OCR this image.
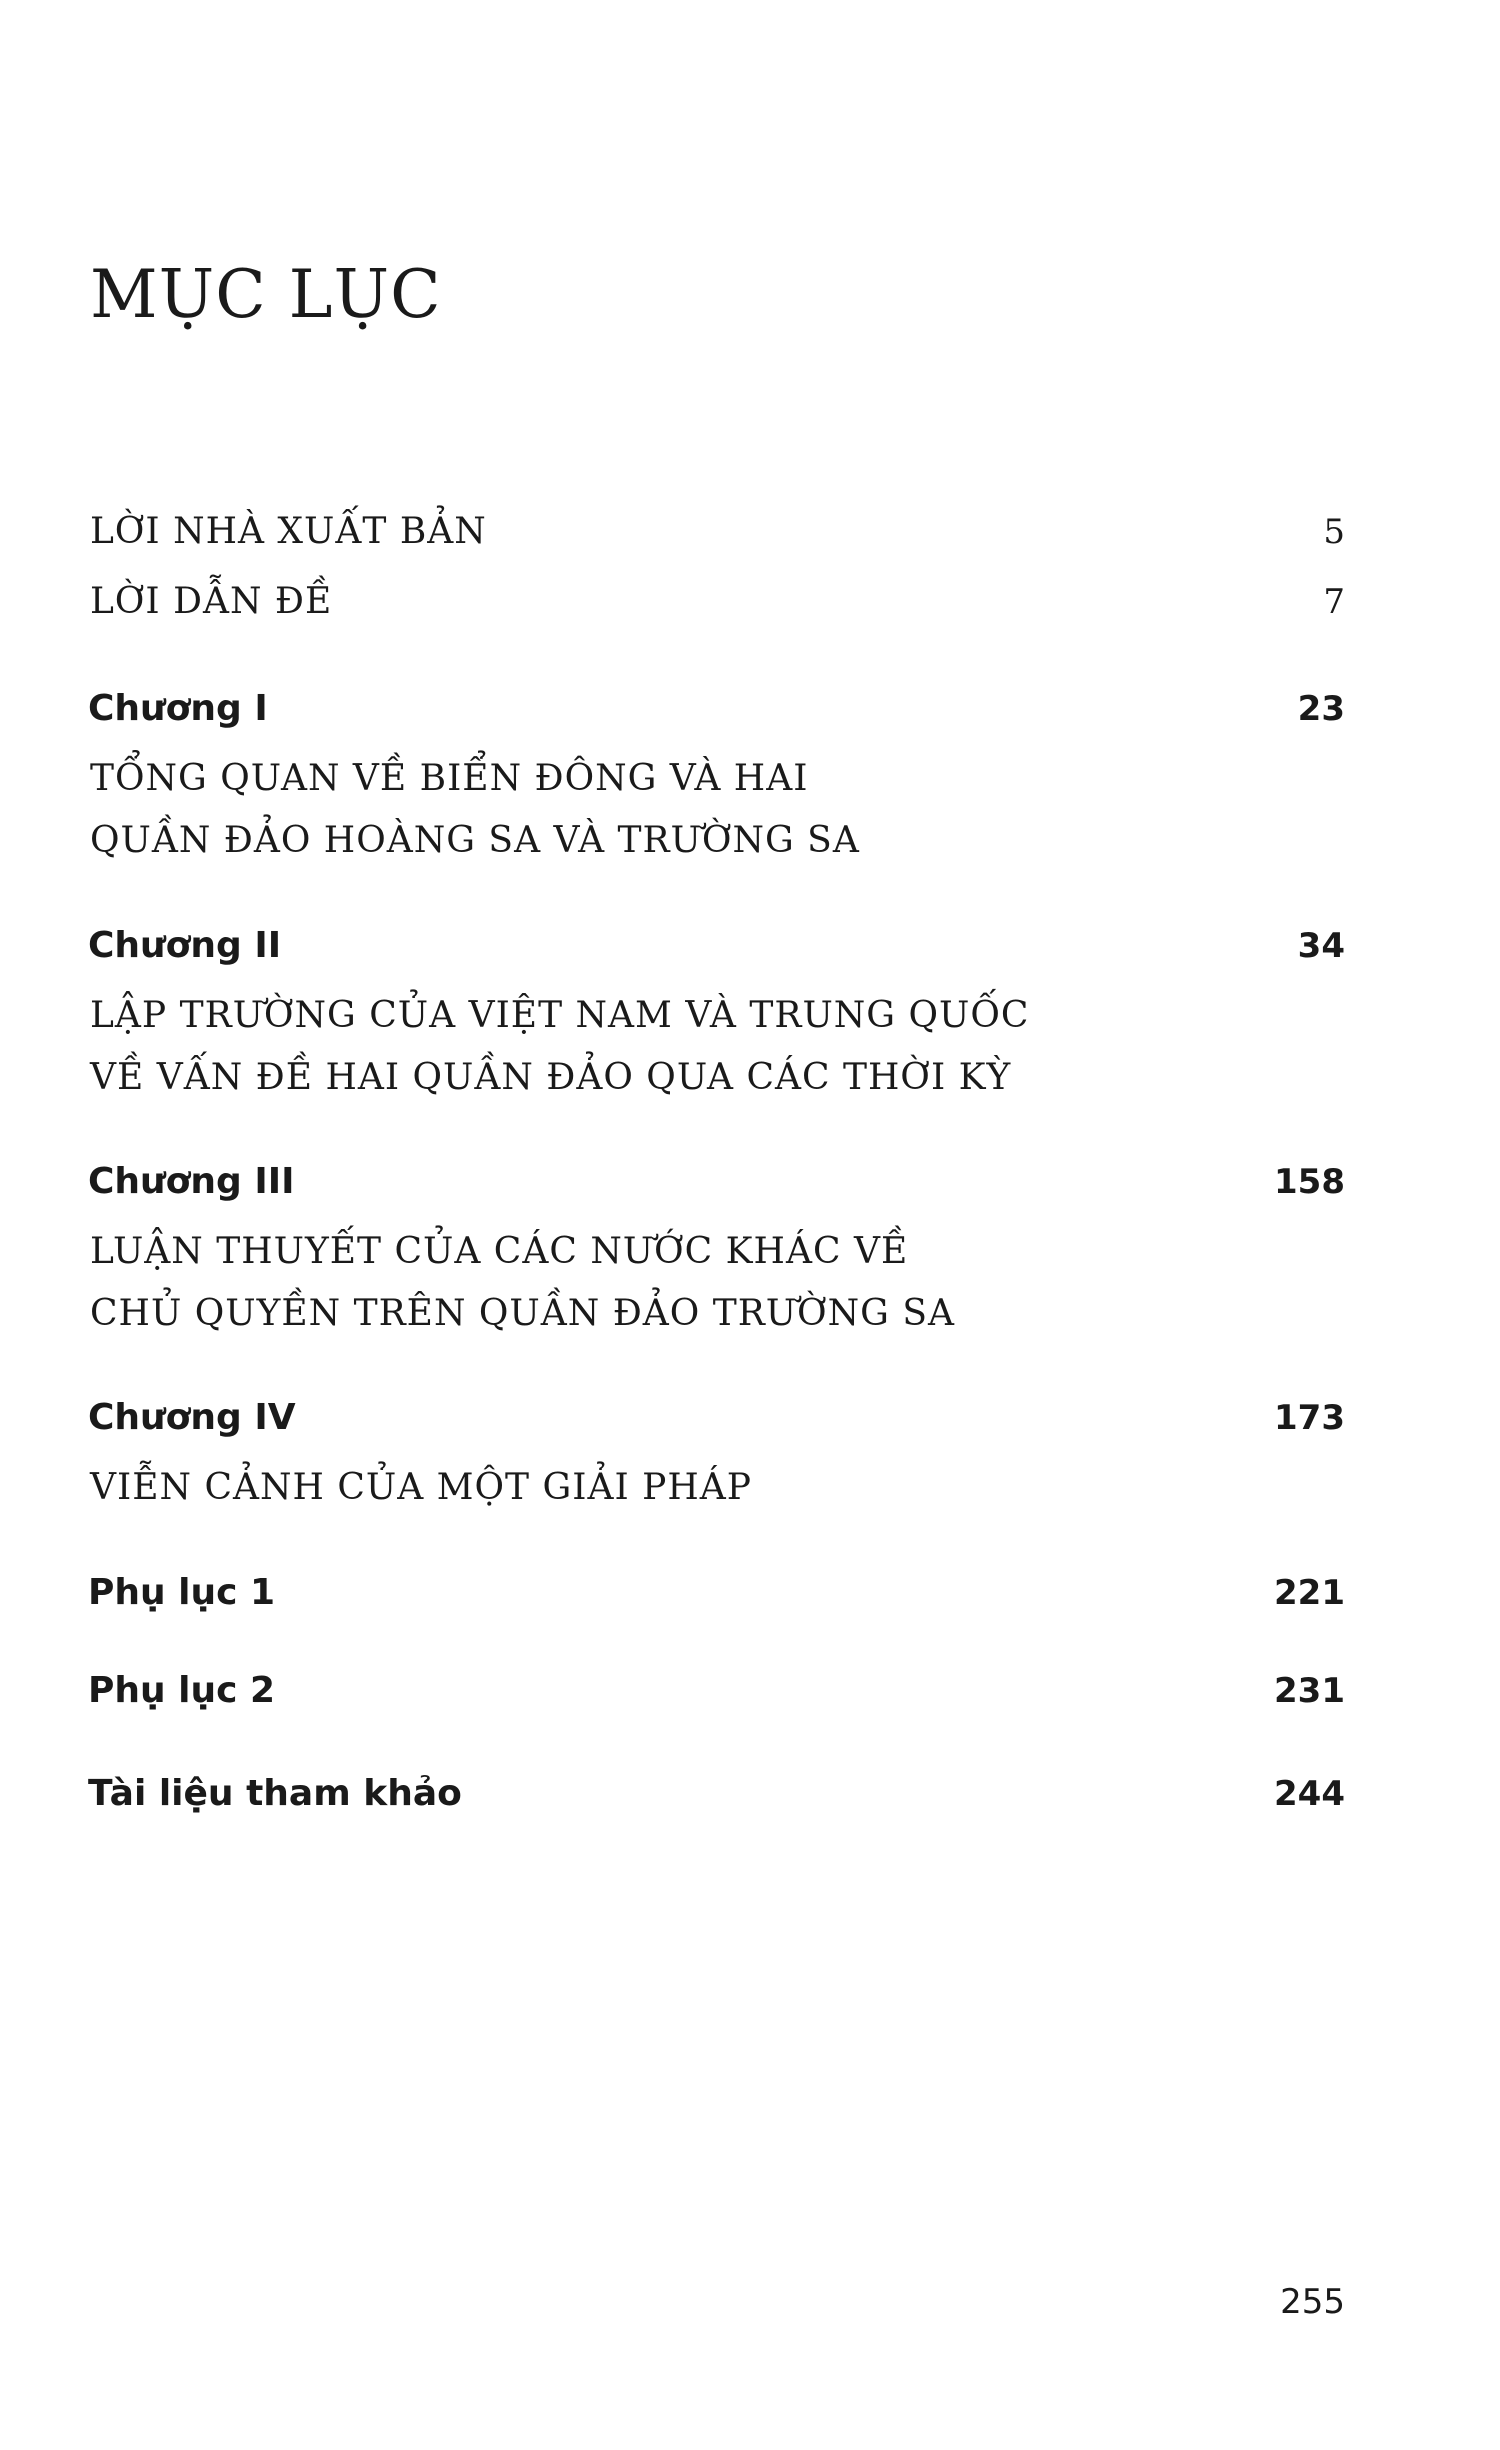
MỤC LỤC
LỜI NHÀ XUẤT BẢN	5
LỜI DẪN ĐỀ	7
Chương I	23
TỔNG QUAN VỀ BIỂN ĐÔNG VÀ HAI
QUẦN ĐẢO HOÀNG SA VÀ TRƯỜNG SA
Chương II	34
LẬP TRƯỜNG CỦA VIỆT NAM VÀ TRUNG QUỐC
VỀ VẤN ĐỀ HAI QUẦN ĐẢO QUA CÁC THỜI KỲ
Chương III	158
LUẬN THUYẾT CỦA CÁC NƯỚC KHÁC VỀ
CHỦ QUYỀN TRÊN QUẦN ĐẢO TRƯỜNG SA
Chương IV	173
VIỄN CẢNH CỦA MỘT GIẢI PHÁP
Phụ lục 1	221
Phụ lục 2	231
Tài liệu tham khảo	244
255
